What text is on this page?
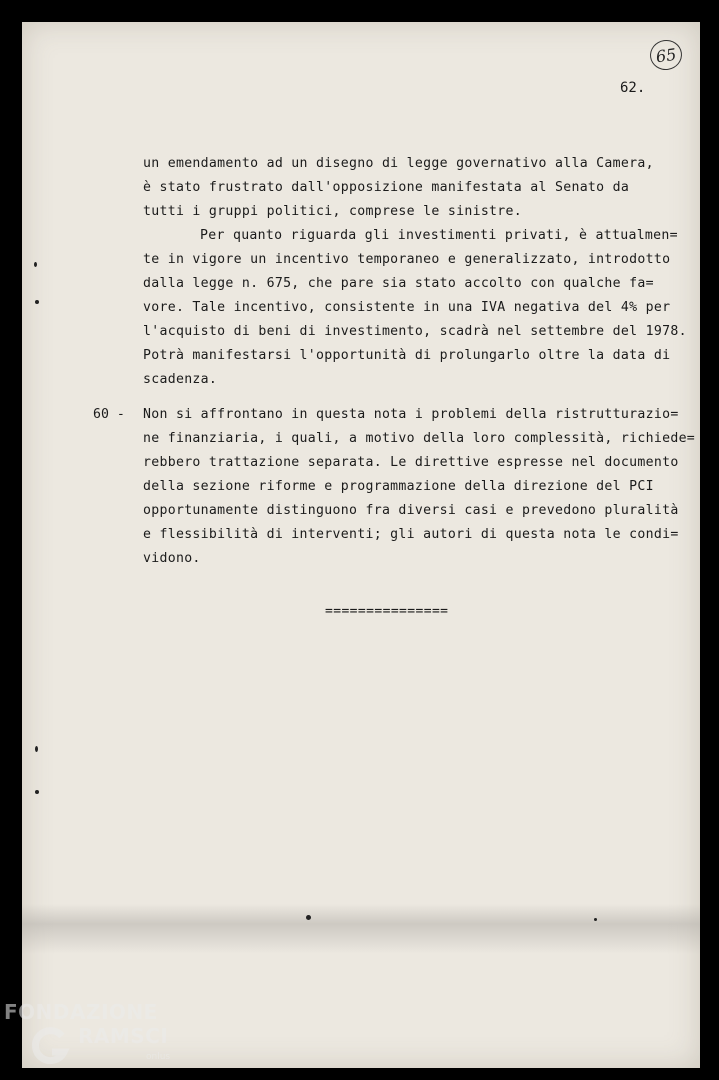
65
62.
un emendamento ad un disegno di legge governativo alla Camera,
è stato frustrato dall'opposizione manifestata al Senato da
tutti i gruppi politici, comprese le sinistre.
Per quanto riguarda gli investimenti privati, è attualmen=
te in vigore un incentivo temporaneo e generalizzato, introdotto
dalla legge n. 675, che pare sia stato accolto con qualche fa=
vore. Tale incentivo, consistente in una IVA negativa del 4% per
l'acquisto di beni di investimento, scadrà nel settembre del 1978.
Potrà manifestarsi l'opportunità di prolungarlo oltre la data di
scadenza.
60 - Non si affrontano in questa nota i problemi della ristrutturazio=
ne finanziaria, i quali, a motivo della loro complessità, richiede=
rebbero trattazione separata. Le direttive espresse nel documento
della sezione riforme e programmazione della direzione del PCI
opportunamente distinguono fra diversi casi e prevedono pluralità
e flessibilità di interventi; gli autori di questa nota le condi=
vidono.
===============
FONDAZIONE
RAMSCI
onlus
